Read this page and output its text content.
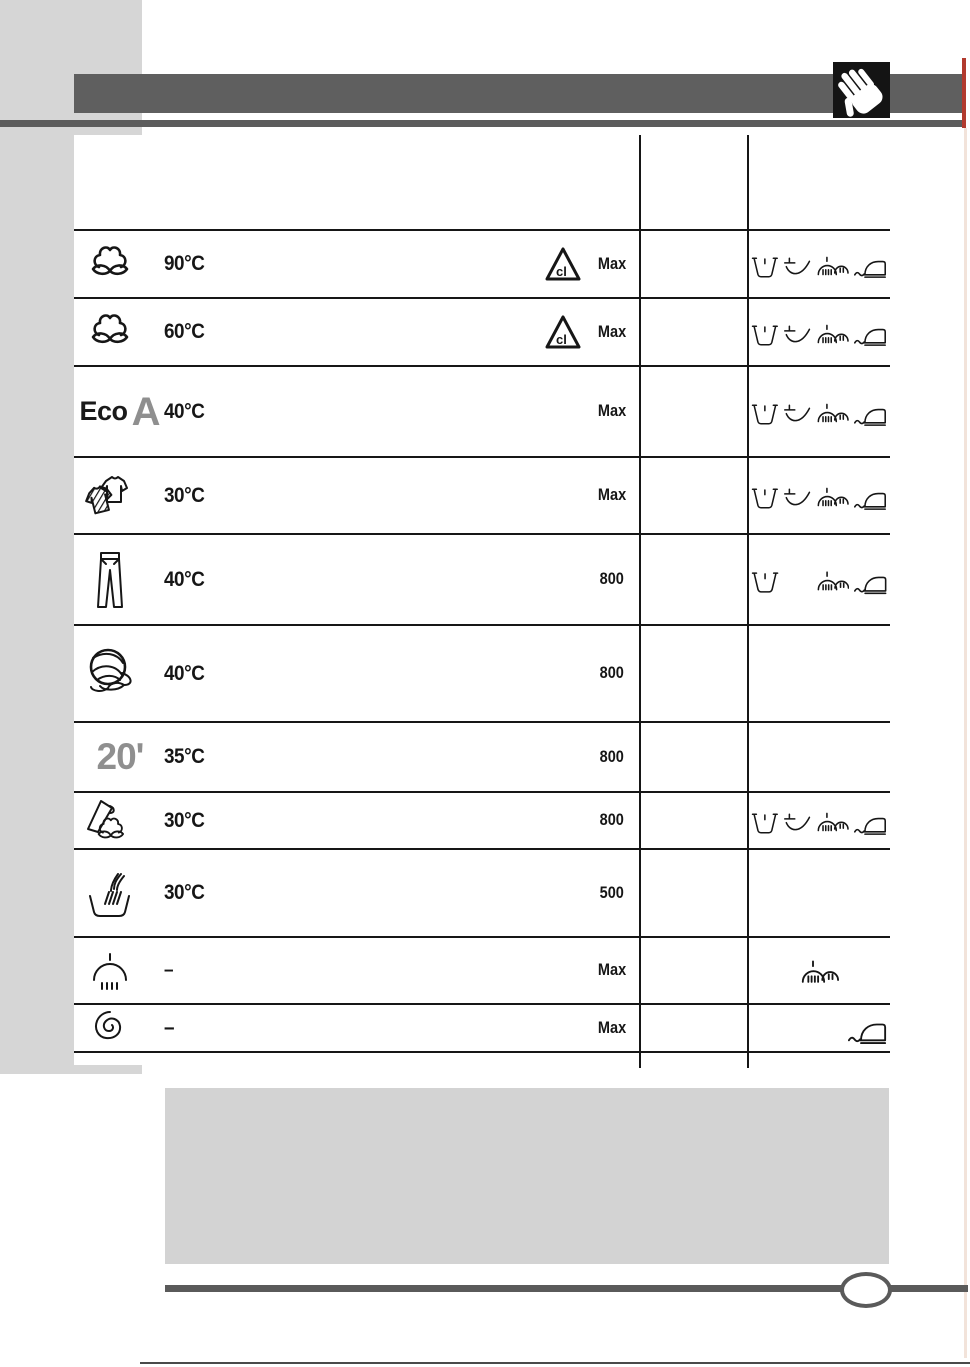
90°C	cl Max
60°C	cl Max
Eco A 40°C	Max
30°C	Max
40°C	800
40°C	800
20' 35°C	800
30°C	800
30°C	500
–	Max
–	Max
